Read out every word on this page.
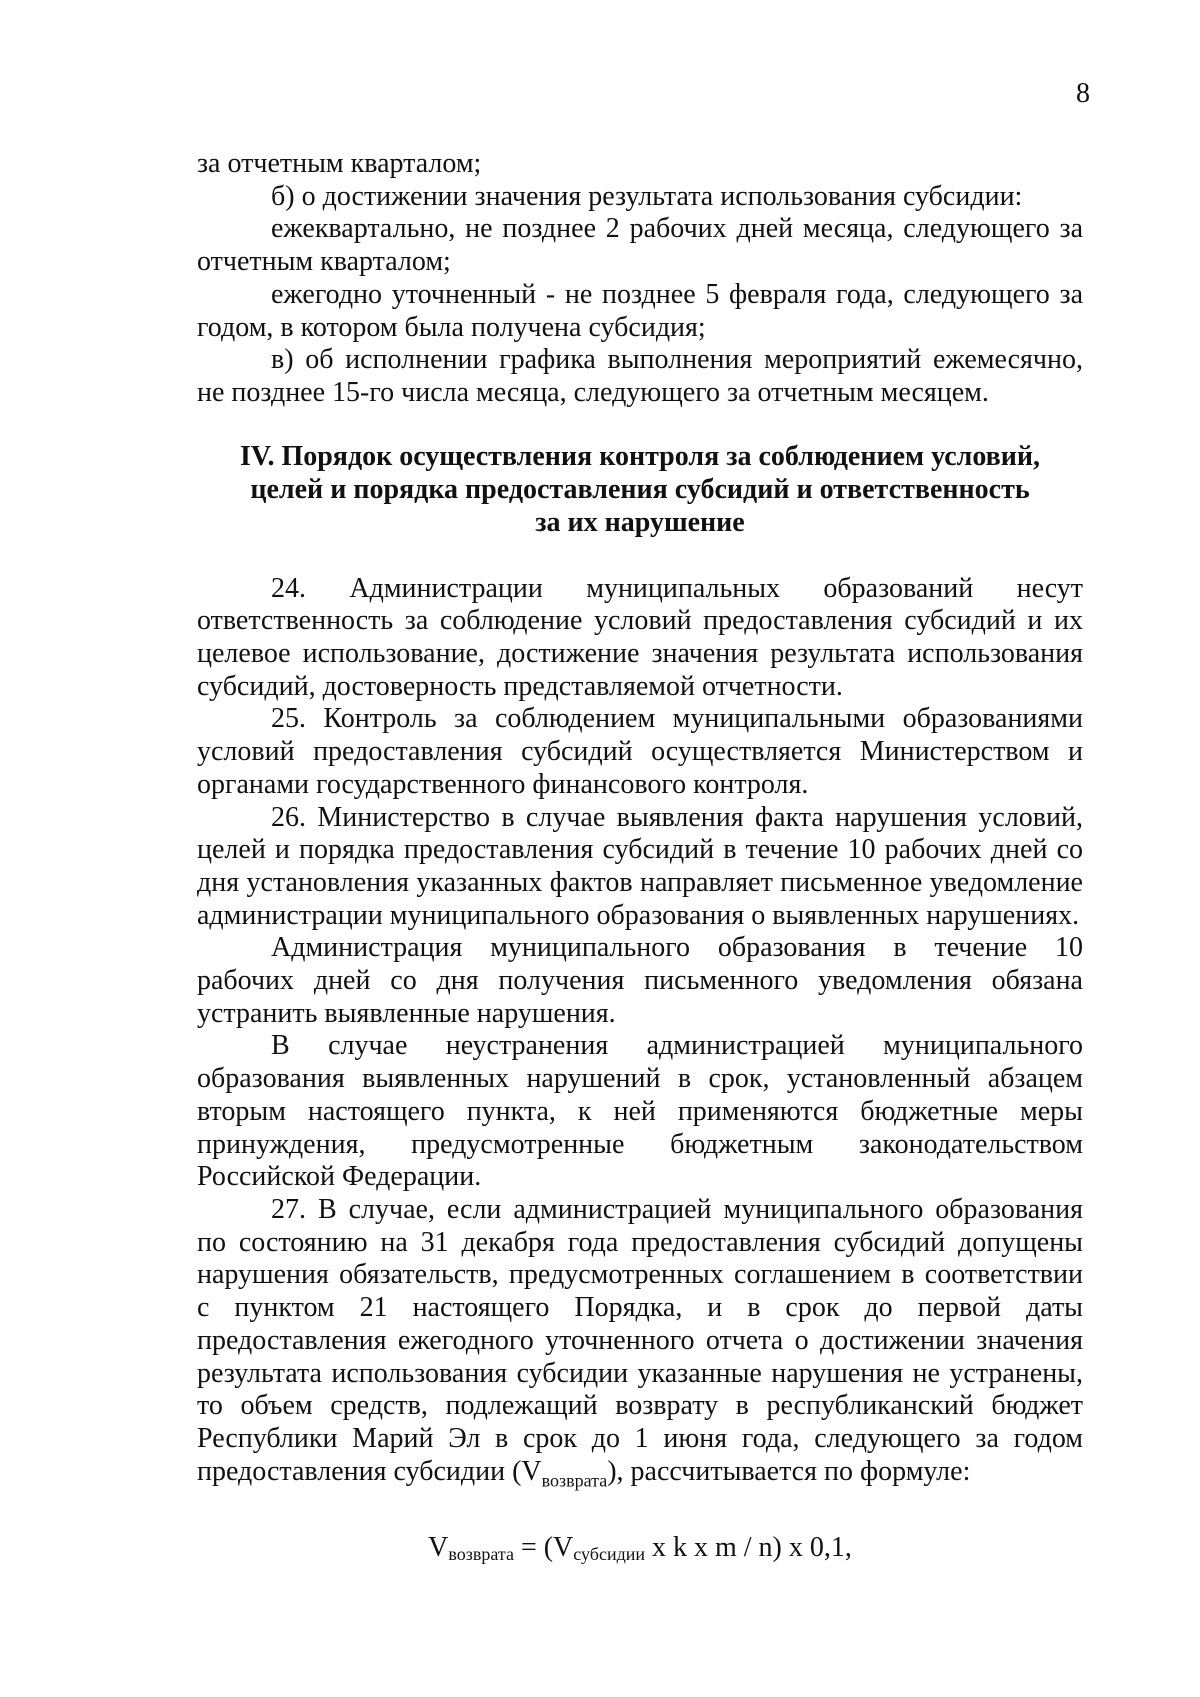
8

за отчетным кварталом;

б) о достижении значения результата использования субсидии:

ежеквартально, не позднее 2 рабочих дней месяца, следующего за отчетным кварталом;

ежегодно уточненный - не позднее 5 февраля года, следующего за годом, в котором была получена субсидия;

в) об исполнении графика выполнения мероприятий ежемесячно, не позднее 15-го числа месяца, следующего за отчетным месяцем.

IV. Порядок осуществления контроля за соблюдением условий,
целей и порядка предоставления субсидий и ответственность
за их нарушение

24. Администрации муниципальных образований несут ответственность за соблюдение условий предоставления субсидий и их целевое использование, достижение значения результата использования субсидий, достоверность представляемой отчетности.

25. Контроль за соблюдением муниципальными образованиями условий предоставления субсидий осуществляется Министерством и органами государственного финансового контроля.

26. Министерство в случае выявления факта нарушения условий, целей и порядка предоставления субсидий в течение 10 рабочих дней со дня установления указанных фактов направляет письменное уведомление администрации муниципального образования о выявленных нарушениях.

Администрация муниципального образования в течение 10 рабочих дней со дня получения письменного уведомления обязана устранить выявленные нарушения.

В случае неустранения администрацией муниципального образования выявленных нарушений в срок, установленный абзацем вторым настоящего пункта, к ней применяются бюджетные меры принуждения, предусмотренные бюджетным законодательством Российской Федерации.

27. В случае, если администрацией муниципального образования по состоянию на 31 декабря года предоставления субсидий допущены нарушения обязательств, предусмотренных соглашением в соответствии с пунктом 21 настоящего Порядка, и в срок до первой даты предоставления ежегодного уточненного отчета о достижении значения результата использования субсидии указанные нарушения не устранены, то объем средств, подлежащий возврату в республиканский бюджет Республики Марий Эл в срок до 1 июня года, следующего за годом предоставления субсидии $(V_{возврата})$, рассчитывается по формуле:

$V_{возврата} = (V_{субсидии}$ x k x m / n) x 0,1,
